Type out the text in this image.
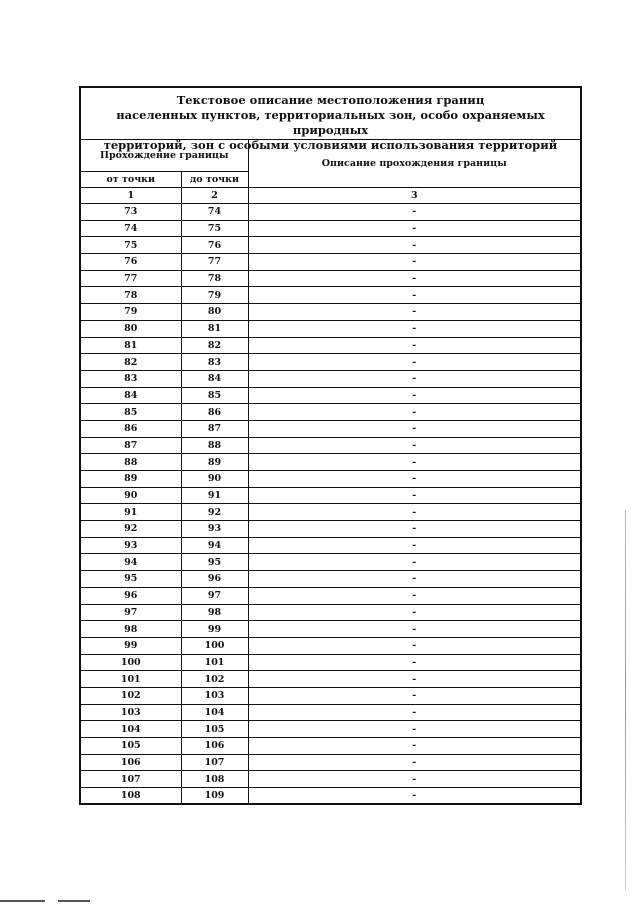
Текстовое описание местоположения границ
населенных пунктов, территориальных зон, особо охраняемых природных
территорий, зон с особыми условиями использования территорий
Прохождение границы		Описание прохождения границы
от точки	до точки	
1	2	3
73	74	-
74	75	-
75	76	-
76	77	-
77	78	-
78	79	-
79	80	-
80	81	-
81	82	-
82	83	-
83	84	-
84	85	-
85	86	-
86	87	-
87	88	-
88	89	-
89	90	-
90	91	-
91	92	-
92	93	-
93	94	-
94	95	-
95	96	-
96	97	-
97	98	-
98	99	-
99	100	-
100	101	-
101	102	-
102	103	-
103	104	-
104	105	-
105	106	-
106	107	-
107	108	-
108	109	-
